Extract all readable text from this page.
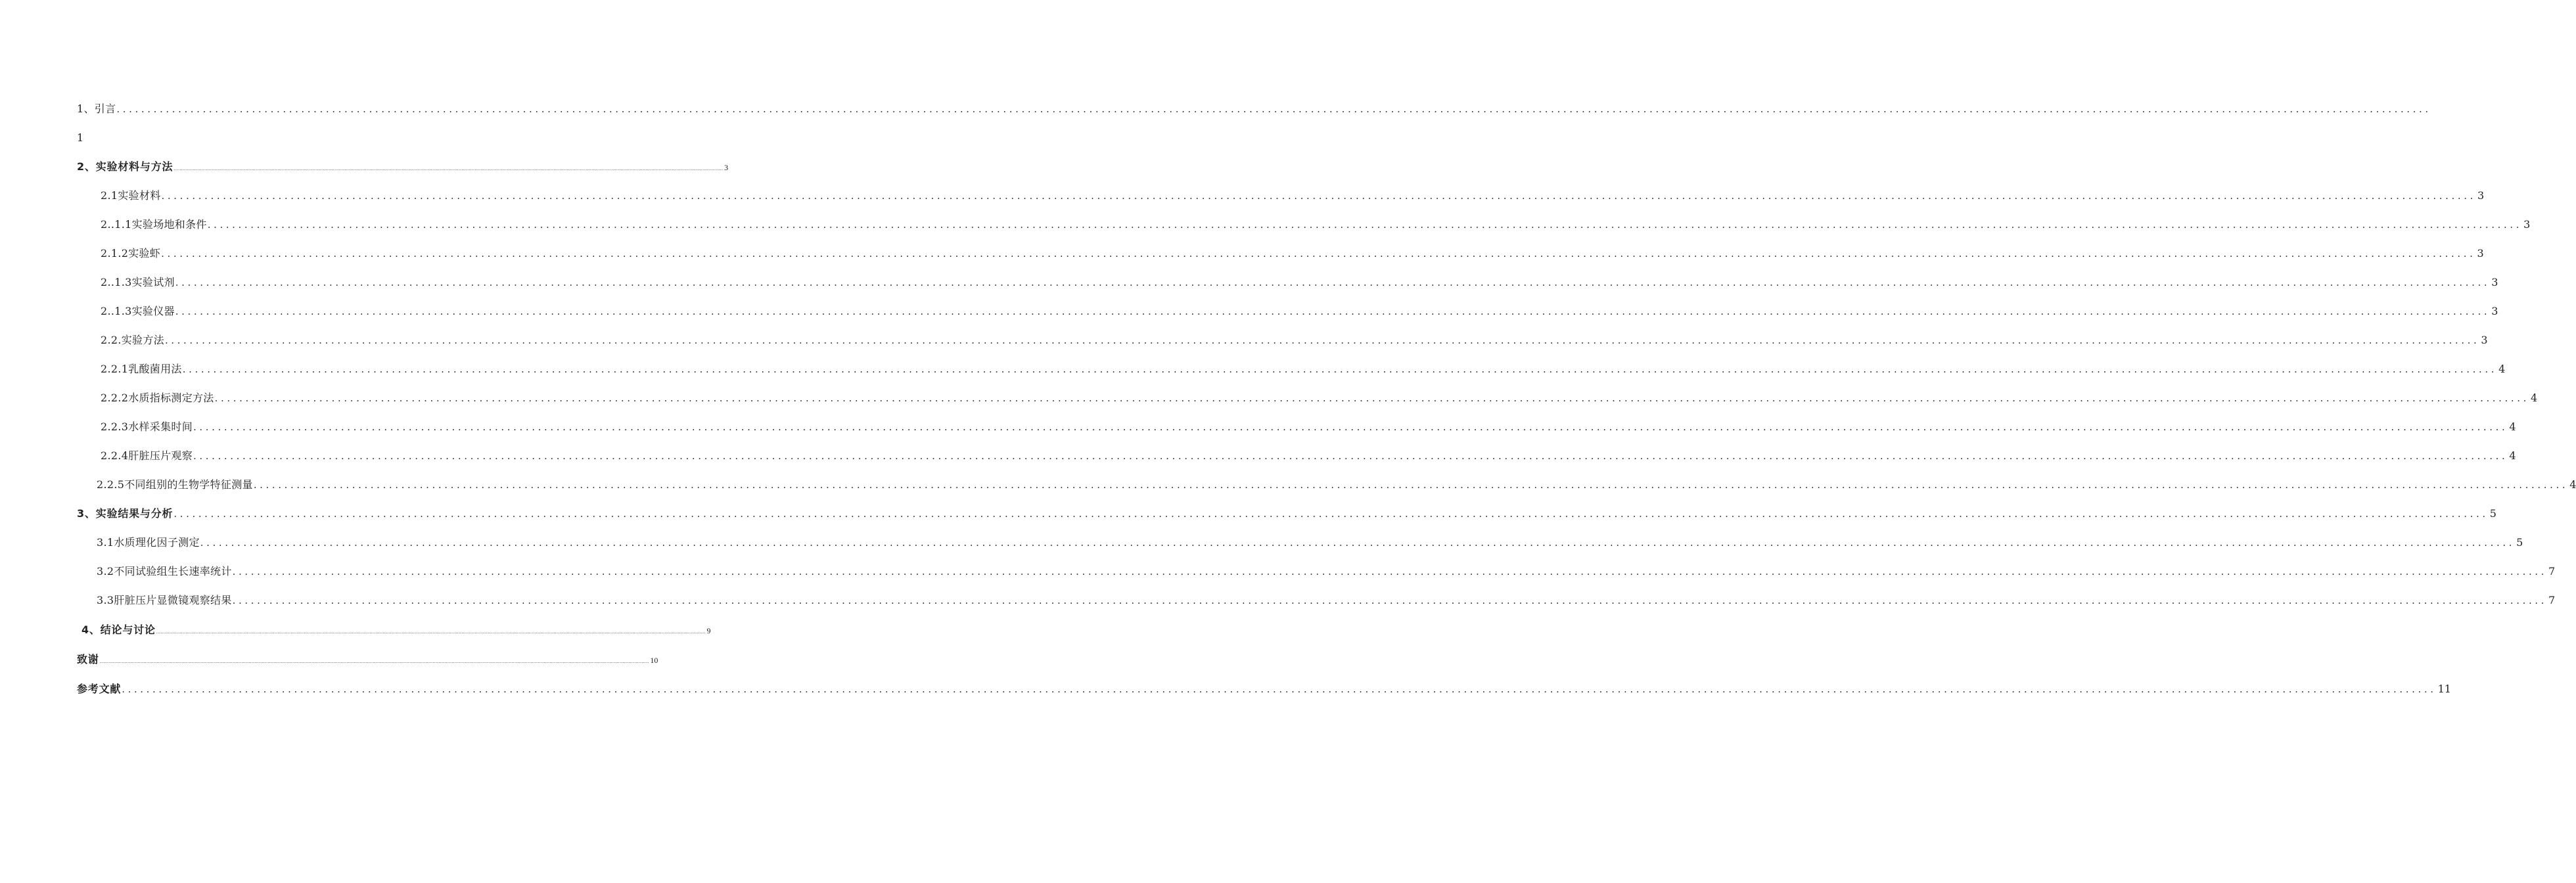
1、引言 ........................................................................................................................................................................................................................................................................................................................................................................................
1
2、实验材料与方法 ........................................................................................................................................................................................................................................................................................................................................................................................ 3
2.1实验材料 ........................................................................................................................................................................................................................................................................................................................................................................................ 3
2..1.1实验场地和条件 ........................................................................................................................................................................................................................................................................................................................................................................................ 3
2.1.2实验虾 ........................................................................................................................................................................................................................................................................................................................................................................................ 3
2..1.3实验试剂 ........................................................................................................................................................................................................................................................................................................................................................................................ 3
2..1.3实验仪器 ........................................................................................................................................................................................................................................................................................................................................................................................ 3
2.2.实验方法 ........................................................................................................................................................................................................................................................................................................................................................................................ 3
2.2.1乳酸菌用法 ........................................................................................................................................................................................................................................................................................................................................................................................ 4
2.2.2水质指标测定方法 ........................................................................................................................................................................................................................................................................................................................................................................................ 4
2.2.3水样采集时间 ........................................................................................................................................................................................................................................................................................................................................................................................ 4
2.2.4肝脏压片观察 ........................................................................................................................................................................................................................................................................................................................................................................................ 4
2.2.5不同组别的生物学特征测量 ........................................................................................................................................................................................................................................................................................................................................................................................ 4
3、实验结果与分析 ........................................................................................................................................................................................................................................................................................................................................................................................ 5
3.1水质理化因子测定 ........................................................................................................................................................................................................................................................................................................................................................................................ 5
3.2不同试验组生长速率统计 ........................................................................................................................................................................................................................................................................................................................................................................................ 7
3.3肝脏压片显微镜观察结果 ........................................................................................................................................................................................................................................................................................................................................................................................ 7
4、结论与讨论 ........................................................................................................................................................................................................................................................................................................................................................................................ 9
致谢 ........................................................................................................................................................................................................................................................................................................................................................................................ 10
参考文献 ........................................................................................................................................................................................................................................................................................................................................................................................ 11
